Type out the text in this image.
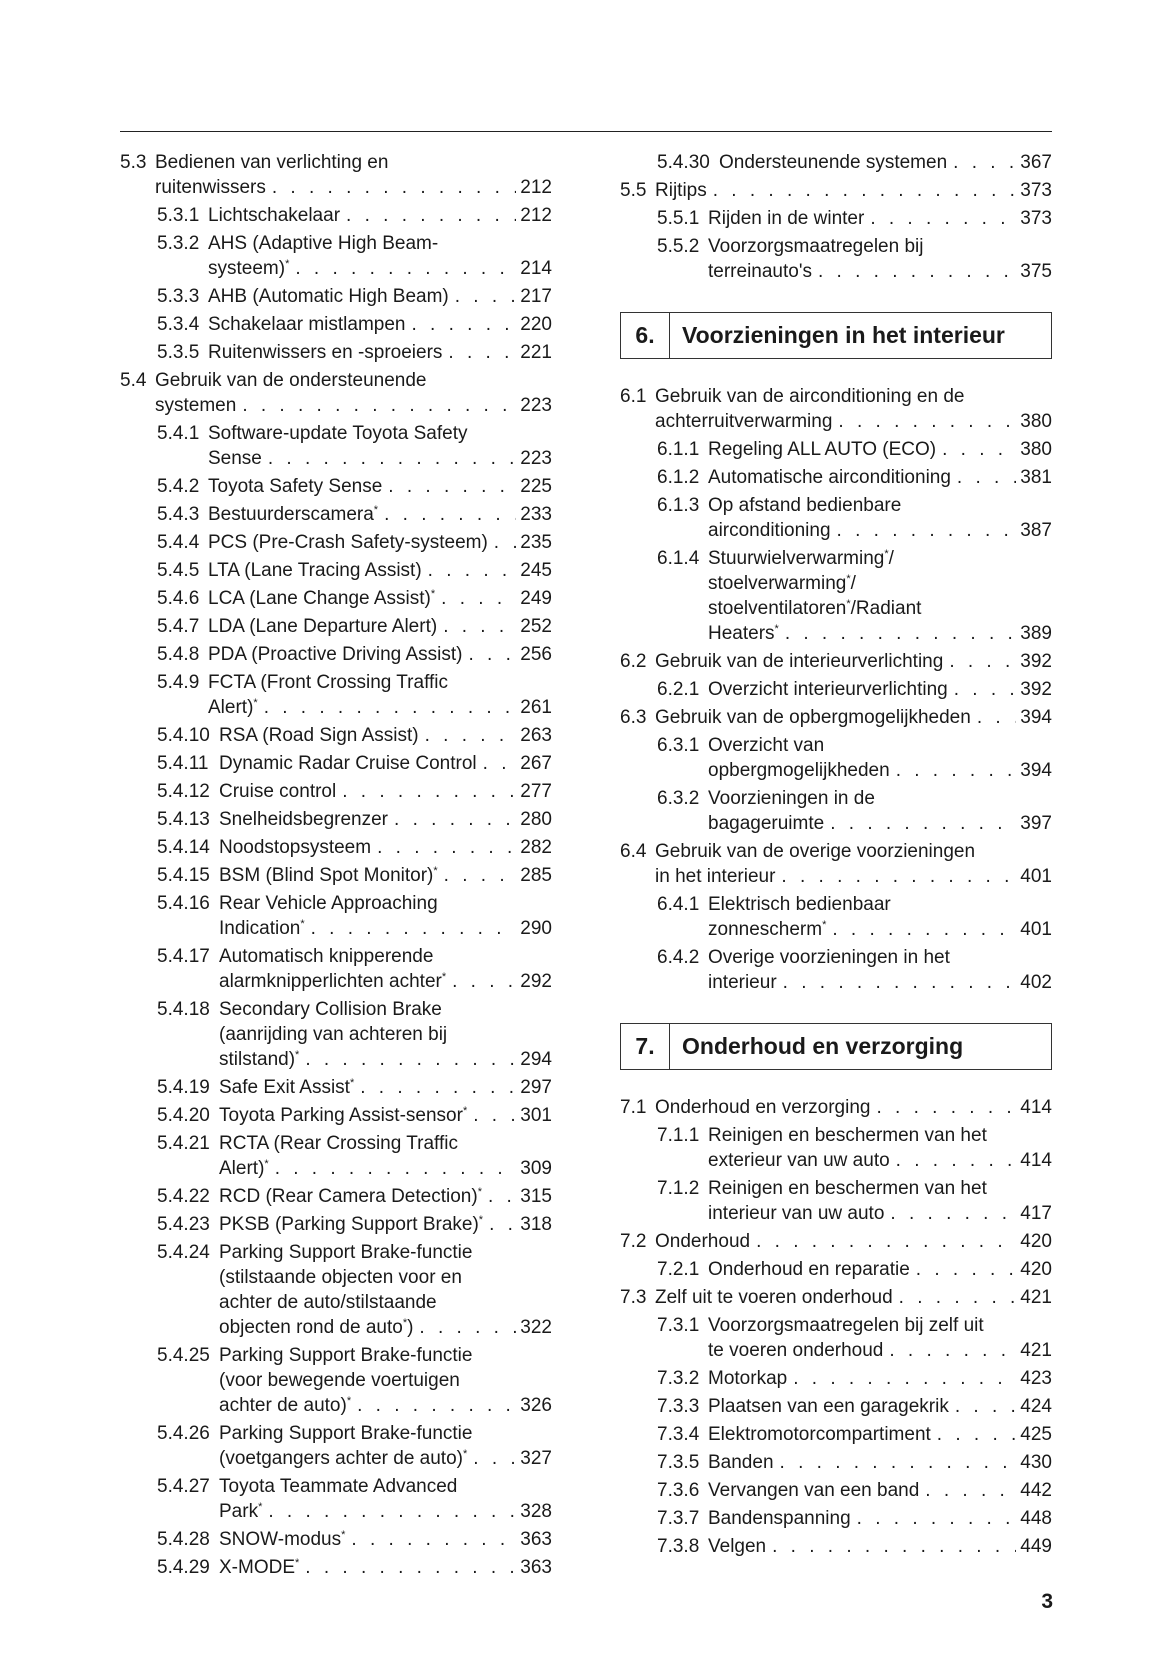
5.3 Bedienen van verlichting en
ruitenwissers . . .	212
5.3.1 Lichtschakelaar . . .	212
5.3.2 AHS (Adaptive High Beam-
systeem)* . . .	214
5.3.3 AHB (Automatic High Beam) . . .	217
5.3.4 Schakelaar mistlampen . . .	220
5.3.5 Ruitenwissers en -sproeiers . . .	221
5.4 Gebruik van de ondersteunende
systemen . . .	223
5.4.1 Software-update Toyota Safety
Sense . . .	223
5.4.2 Toyota Safety Sense . . .	225
5.4.3 Bestuurderscamera* . . .	233
5.4.4 PCS (Pre-Crash Safety-systeem) . . . 235
5.4.5 LTA (Lane Tracing Assist) . . .	245
5.4.6 LCA (Lane Change Assist)* . . .	249
5.4.7 LDA (Lane Departure Alert) . . .	252
5.4.8 PDA (Proactive Driving Assist) . . .	256
5.4.9 FCTA (Front Crossing Traffic
Alert)* . . .	261
5.4.10 RSA (Road Sign Assist) . . .	263
5.4.11 Dynamic Radar Cruise Control . . . 267
5.4.12 Cruise control . . .	277
5.4.13 Snelheidsbegrenzer . . .	280
5.4.14 Noodstopsysteem . . .	282
5.4.15 BSM (Blind Spot Monitor)* . . .	285
5.4.16 Rear Vehicle Approaching
Indication* . . .	290
5.4.17 Automatisch knipperende
alarmknipperlichten achter* . . .	292
5.4.18 Secondary Collision Brake
(aanrijding van achteren bij
stilstand)* . . .	294
5.4.19 Safe Exit Assist* . . .	297
5.4.20 Toyota Parking Assist-sensor* . . .	301
5.4.21 RCTA (Rear Crossing Traffic
Alert)* . . .	309
5.4.22 RCD (Rear Camera Detection)* . . . 315
5.4.23 PKSB (Parking Support Brake)* . . . 318
5.4.24 Parking Support Brake-functie
(stilstaande objecten voor en
achter de auto/stilstaande
objecten rond de auto*) . . .	322
5.4.25 Parking Support Brake-functie
(voor bewegende voertuigen
achter de auto)* . . .	326
5.4.26 Parking Support Brake-functie
(voetgangers achter de auto)* . . .	327
5.4.27 Toyota Teammate Advanced
Park* . . .	328
5.4.28 SNOW-modus* . . .	363
5.4.29 X-MODE* . . .	363
5.4.30 Ondersteunende systemen . . .	367
5.5 Rijtips . . .	373
5.5.1 Rijden in de winter . . .	373
5.5.2 Voorzorgsmaatregelen bij
terreinauto's . . .	375
6.	Voorzieningen in het interieur
6.1 Gebruik van de airconditioning en de
achterruitverwarming . . .	380
6.1.1 Regeling ALL AUTO (ECO) . . .	380
6.1.2 Automatische airconditioning . . .	381
6.1.3 Op afstand bedienbare
airconditioning . . .	387
6.1.4 Stuurwielverwarming*/
stoelverwarming*/
stoelventilatoren*/Radiant
Heaters* . . .	389
6.2 Gebruik van de interieurverlichting . . .	392
6.2.1 Overzicht interieurverlichting . . .	392
6.3 Gebruik van de opbergmogelijkheden . . .	394
6.3.1 Overzicht van
opbergmogelijkheden . . .	394
6.3.2 Voorzieningen in de
bagageruimte . . .	397
6.4 Gebruik van de overige voorzieningen
in het interieur . . .	401
6.4.1 Elektrisch bedienbaar
zonnescherm* . . .	401
6.4.2 Overige voorzieningen in het
interieur . . .	402
7.	Onderhoud en verzorging
7.1 Onderhoud en verzorging . . .	414
7.1.1 Reinigen en beschermen van het
exterieur van uw auto . . .	414
7.1.2 Reinigen en beschermen van het
interieur van uw auto . . .	417
7.2 Onderhoud . . .	420
7.2.1 Onderhoud en reparatie . . .	420
7.3 Zelf uit te voeren onderhoud . . .	421
7.3.1 Voorzorgsmaatregelen bij zelf uit
te voeren onderhoud . . .	421
7.3.2 Motorkap . . .	423
7.3.3 Plaatsen van een garagekrik . . .	424
7.3.4 Elektromotorcompartiment . . .	425
7.3.5 Banden . . .	430
7.3.6 Vervangen van een band . . .	442
7.3.7 Bandenspanning . . .	448
7.3.8 Velgen . . .	449
3
